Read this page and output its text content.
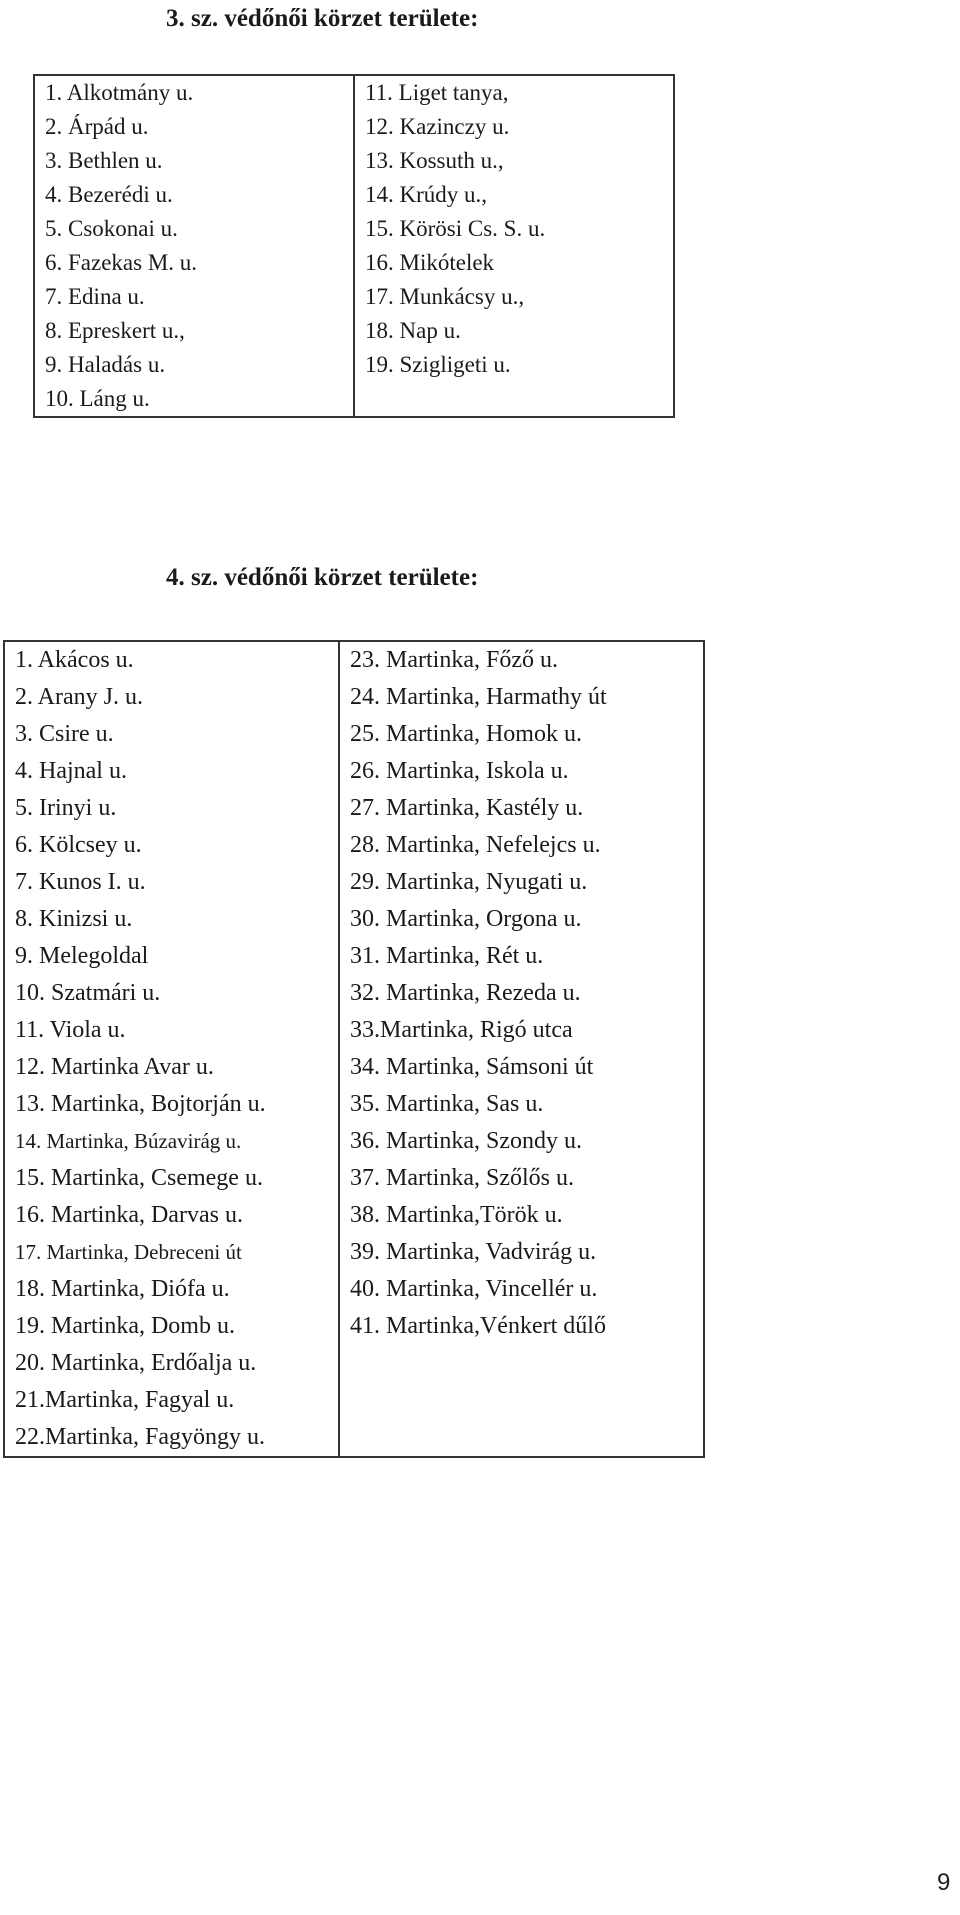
3. sz. védőnői körzet területe:
1. Alkotmány u.	11. Liget tanya,
2. Árpád u.	12. Kazinczy u.
3. Bethlen u.	13. Kossuth u.,
4. Bezerédi u.	14. Krúdy u.,
5. Csokonai u.	15. Körösi Cs. S. u.
6. Fazekas M. u.	16. Mikótelek
7. Edina u.	17. Munkácsy u.,
8. Epreskert u.,	18. Nap u.
9. Haladás u.	19. Szigligeti u.
10. Láng u.	
4. sz. védőnői körzet területe:
1. Akácos u.	23. Martinka, Főző u.
2. Arany J. u.	24. Martinka, Harmathy út
3. Csire u.	25. Martinka, Homok u.
4. Hajnal u.	26. Martinka, Iskola u.
5. Irinyi u.	27. Martinka, Kastély u.
6. Kölcsey u.	28. Martinka, Nefelejcs u.
7. Kunos I. u.	29. Martinka, Nyugati u.
8. Kinizsi u.	30. Martinka, Orgona u.
9. Melegoldal	31. Martinka, Rét u.
10. Szatmári u.	32. Martinka, Rezeda u.
11. Viola u.	33.Martinka, Rigó utca
12. Martinka Avar u.	34. Martinka, Sámsoni út
13. Martinka, Bojtorján u.	35. Martinka, Sas u.
14. Martinka, Búzavirág u.	36. Martinka, Szondy u.
15. Martinka, Csemege u.	37. Martinka, Szőlős u.
16. Martinka, Darvas u.	38. Martinka,Török u.
17. Martinka, Debreceni út	39. Martinka, Vadvirág u.
18. Martinka, Diófa u.	40. Martinka, Vincellér u.
19. Martinka, Domb u.	41. Martinka,Vénkert dűlő
20. Martinka, Erdőalja u.	
21.Martinka, Fagyal u.	
22.Martinka, Fagyöngy u.	
9
